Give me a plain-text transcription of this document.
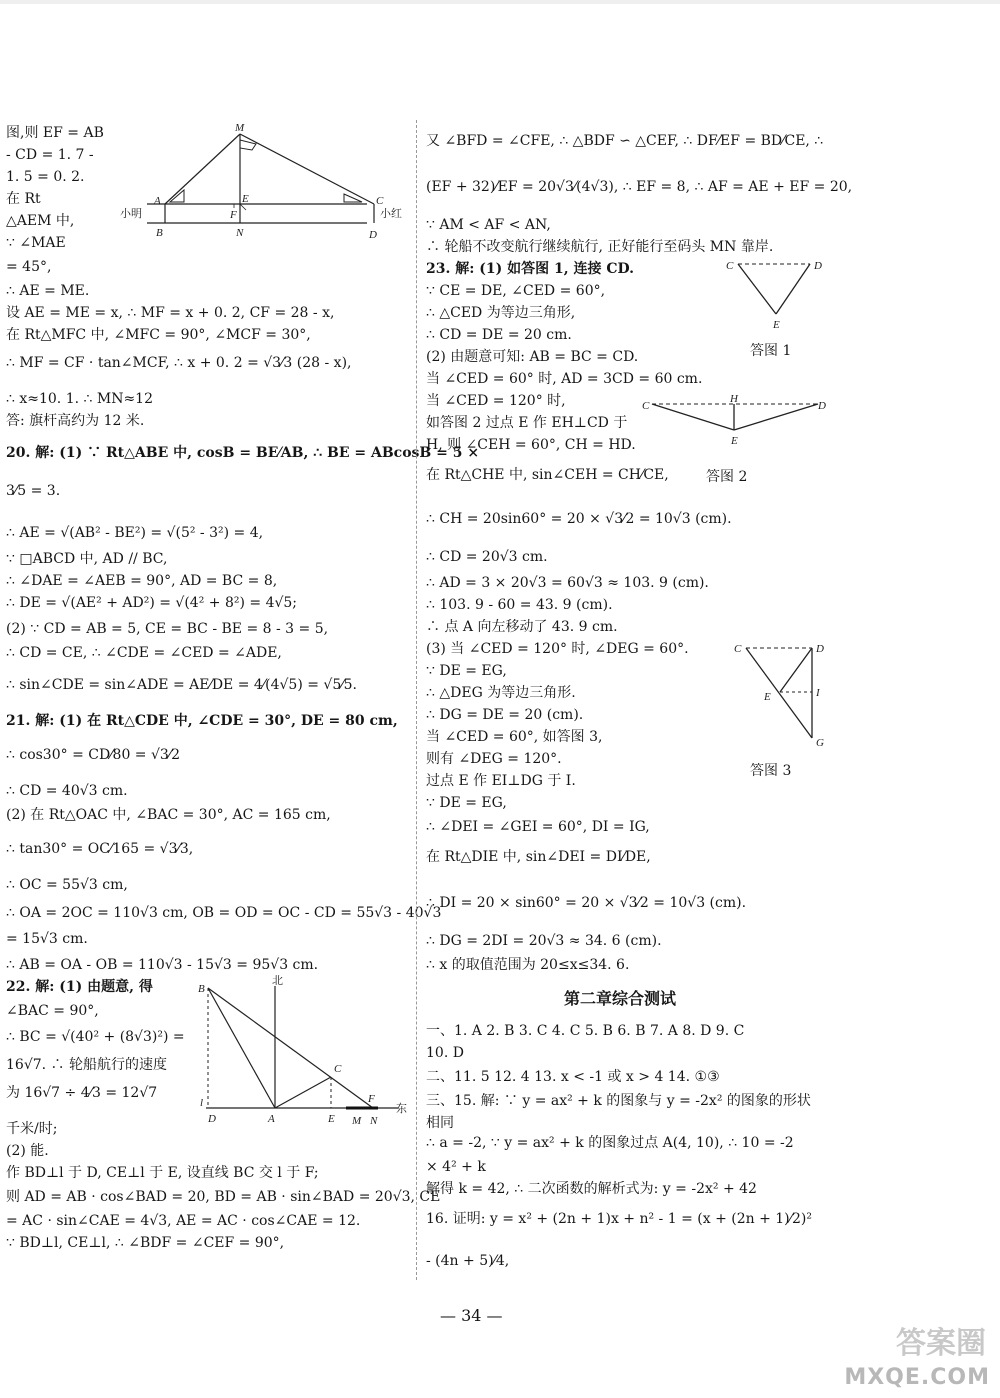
图,则 EF = AB
- CD = 1. 7 -
1. 5 = 0. 2.
在 Rt
△AEM 中,
∵ ∠MAE
= 45°,
∴ AE = ME.
设 AE = ME = x, ∴ MF = x + 0. 2, CF = 28 - x,
在 Rt△MFC 中, ∠MFC = 90°, ∠MCF = 30°,
∴ MF = CF · tan∠MCF, ∴ x + 0. 2 = √3⁄3 (28 - x),
∴ x≈10. 1. ∴ MN≈12
答: 旗杆高约为 12 米.
20. 解: (1) ∵ Rt△ABE 中, cosB = BE⁄AB, ∴ BE = ABcosB = 5 ×
3⁄5 = 3.
∴ AE = √(AB² - BE²) = √(5² - 3²) = 4,
∵ □ABCD 中, AD // BC,
∴ ∠DAE = ∠AEB = 90°, AD = BC = 8,
∴ DE = √(AE² + AD²) = √(4² + 8²) = 4√5;
(2) ∵ CD = AB = 5, CE = BC - BE = 8 - 3 = 5,
∴ CD = CE, ∴ ∠CDE = ∠CED = ∠ADE,
∴ sin∠CDE = sin∠ADE = AE⁄DE = 4⁄(4√5) = √5⁄5.
21. 解: (1) 在 Rt△CDE 中, ∠CDE = 30°, DE = 80 cm,
∴ cos30° = CD⁄80 = √3⁄2
∴ CD = 40√3 cm.
(2) 在 Rt△OAC 中, ∠BAC = 30°, AC = 165 cm,
∴ tan30° = OC⁄165 = √3⁄3,
∴ OC = 55√3 cm,
∴ OA = 2OC = 110√3 cm, OB = OD = OC - CD = 55√3 - 40√3
= 15√3 cm.
∴ AB = OA - OB = 110√3 - 15√3 = 95√3 cm.
22. 解: (1) 由题意, 得
∠BAC = 90°,
∴ BC = √(40² + (8√3)²) =
16√7. ∴ 轮船航行的速度
为 16√7 ÷ 4⁄3 = 12√7
千米/时;
(2) 能.
作 BD⊥l 于 D, CE⊥l 于 E, 设直线 BC 交 l 于 F;
则 AD = AB · cos∠BAD = 20, BD = AB · sin∠BAD = 20√3, CE
= AC · sin∠CAE = 4√3, AE = AC · cos∠CAE = 12.
∵ BD⊥l, CE⊥l, ∴ ∠BDF = ∠CEF = 90°,
又 ∠BFD = ∠CFE, ∴ △BDF ∽ △CEF, ∴ DF⁄EF = BD⁄CE, ∴
(EF + 32)⁄EF = 20√3⁄(4√3), ∴ EF = 8, ∴ AF = AE + EF = 20,
∵ AM < AF < AN,
∴ 轮船不改变航行继续航行, 正好能行至码头 MN 靠岸.
23. 解: (1) 如答图 1, 连接 CD.
∵ CE = DE, ∠CED = 60°,
∴ △CED 为等边三角形,
∴ CD = DE = 20 cm.
(2) 由题意可知: AB = BC = CD.
当 ∠CED = 60° 时, AD = 3CD = 60 cm.
当 ∠CED = 120° 时,
如答图 2 过点 E 作 EH⊥CD 于
H, 则 ∠CEH = 60°, CH = HD.
在 Rt△CHE 中, sin∠CEH = CH⁄CE,
∴ CH = 20sin60° = 20 × √3⁄2 = 10√3 (cm).
∴ CD = 20√3 cm.
∴ AD = 3 × 20√3 = 60√3 ≈ 103. 9 (cm).
∴ 103. 9 - 60 = 43. 9 (cm).
∴ 点 A 向左移动了 43. 9 cm.
(3) 当 ∠CED = 120° 时, ∠DEG = 60°.
∵ DE = EG,
∴ △DEG 为等边三角形.
∴ DG = DE = 20 (cm).
当 ∠CED = 60°, 如答图 3,
则有 ∠DEG = 120°.
过点 E 作 EI⊥DG 于 I.
∵ DE = EG,
∴ ∠DEI = ∠GEI = 60°, DI = IG,
在 Rt△DIE 中, sin∠DEI = DI⁄DE,
∴ DI = 20 × sin60° = 20 × √3⁄2 = 10√3 (cm).
∴ DG = 2DI = 20√3 ≈ 34. 6 (cm).
∴ x 的取值范围为 20≤x≤34. 6.
一、1. A 2. B 3. C 4. C 5. B 6. B 7. A 8. D 9. C
10. D
二、11. 5 12. 4 13. x < -1 或 x > 4 14. ①③
三、15. 解: ∵ y = ax² + k 的图象与 y = -2x² 的图象的形状
相同
∴ a = -2, ∵ y = ax² + k 的图象过点 A(4, 10), ∴ 10 = -2
× 4² + k
解得 k = 42, ∴ 二次函数的解析式为: y = -2x² + 42
16. 证明: y = x² + (2n + 1)x + n² - 1 = (x + (2n + 1)⁄2)²
- (4n + 5)⁄4,
M
A	E
F
C
B	N	D
小明	小红
B
北
C
l
D	A	E
F
M N
东
C	D
E
答图 1
C
H
D
E
答图 2
C	D
E	I
G
答图 3
第二章综合测试
— 34 —
答案圈
MXQE.COM
